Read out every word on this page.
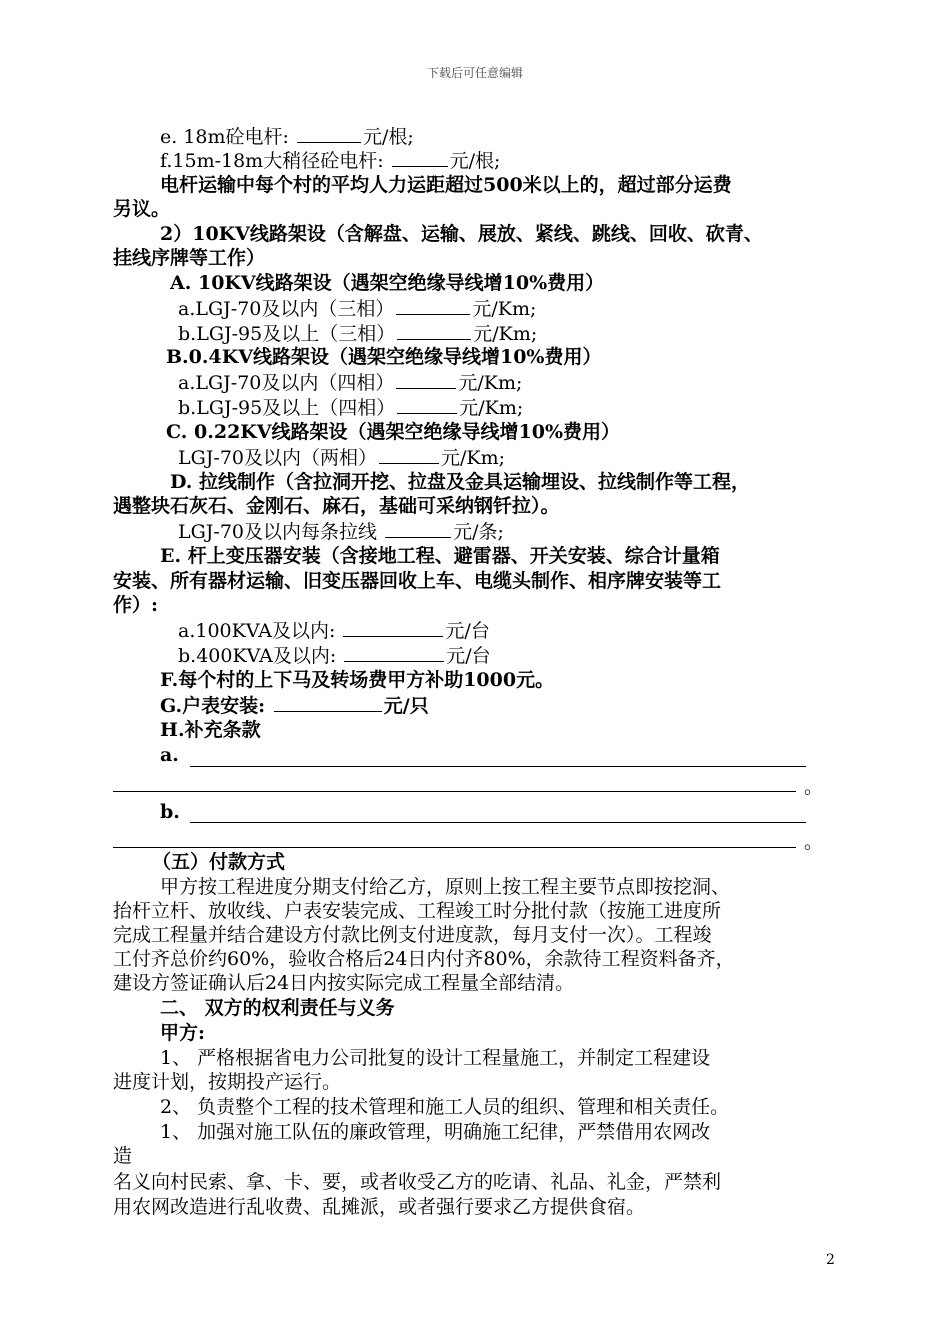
下载后可任意编辑
e. 18m砼电杆:	元/根;
f.15m-18m大稍径砼电杆:	元/根;
电杆运输中每个村的平均人力运距超过500米以上的，超过部分运费
另议。
2）10KV线路架设（含解盘、运输、展放、紧线、跳线、回收、砍青、
挂线序牌等工作）
A. 10KV线路架设（遇架空绝缘导线增10%费用）
a.LGJ-70及以内（三相）	元/Km;
b.LGJ-95及以上（三相）	元/Km;
B.0.4KV线路架设（遇架空绝缘导线增10%费用）
a.LGJ-70及以内（四相）	元/Km;
b.LGJ-95及以上（四相）	元/Km;
C. 0.22KV线路架设（遇架空绝缘导线增10%费用）
LGJ-70及以内（两相）	元/Km;
D. 拉线制作（含拉洞开挖、拉盘及金具运输埋设、拉线制作等工程，
遇整块石灰石、金刚石、麻石，基础可采纳钢钎拉）。
LGJ-70及以内每条拉线	元/条;
E. 杆上变压器安装（含接地工程、避雷器、开关安装、综合计量箱
安装、所有器材运输、旧变压器回收上车、电缆头制作、相序牌安装等工
作）:
a.100KVA及以内:	元/台
b.400KVA及以内:	元/台
F.每个村的上下马及转场费甲方补助1000元。
G.户表安装:	元/只
H.补充条款
a.
。
b.
。
（五）付款方式
甲方按工程进度分期支付给乙方，原则上按工程主要节点即按挖洞、
抬杆立杆、放收线、户表安装完成、工程竣工时分批付款（按施工进度所
完成工程量并结合建设方付款比例支付进度款，每月支付一次）。工程竣
工付齐总价约60%，验收合格后24日内付齐80%，余款待工程资料备齐，
建设方签证确认后24日内按实际完成工程量全部结清。
二、 双方的权利责任与义务
甲方:
1、 严格根据省电力公司批复的设计工程量施工，并制定工程建设
进度计划，按期投产运行。
2、 负责整个工程的技术管理和施工人员的组织、管理和相关责任。
1、 加强对施工队伍的廉政管理，明确施工纪律，严禁借用农网改
造
名义向村民索、拿、卡、要，或者收受乙方的吃请、礼品、礼金，严禁利
用农网改造进行乱收费、乱摊派，或者强行要求乙方提供食宿。
2
